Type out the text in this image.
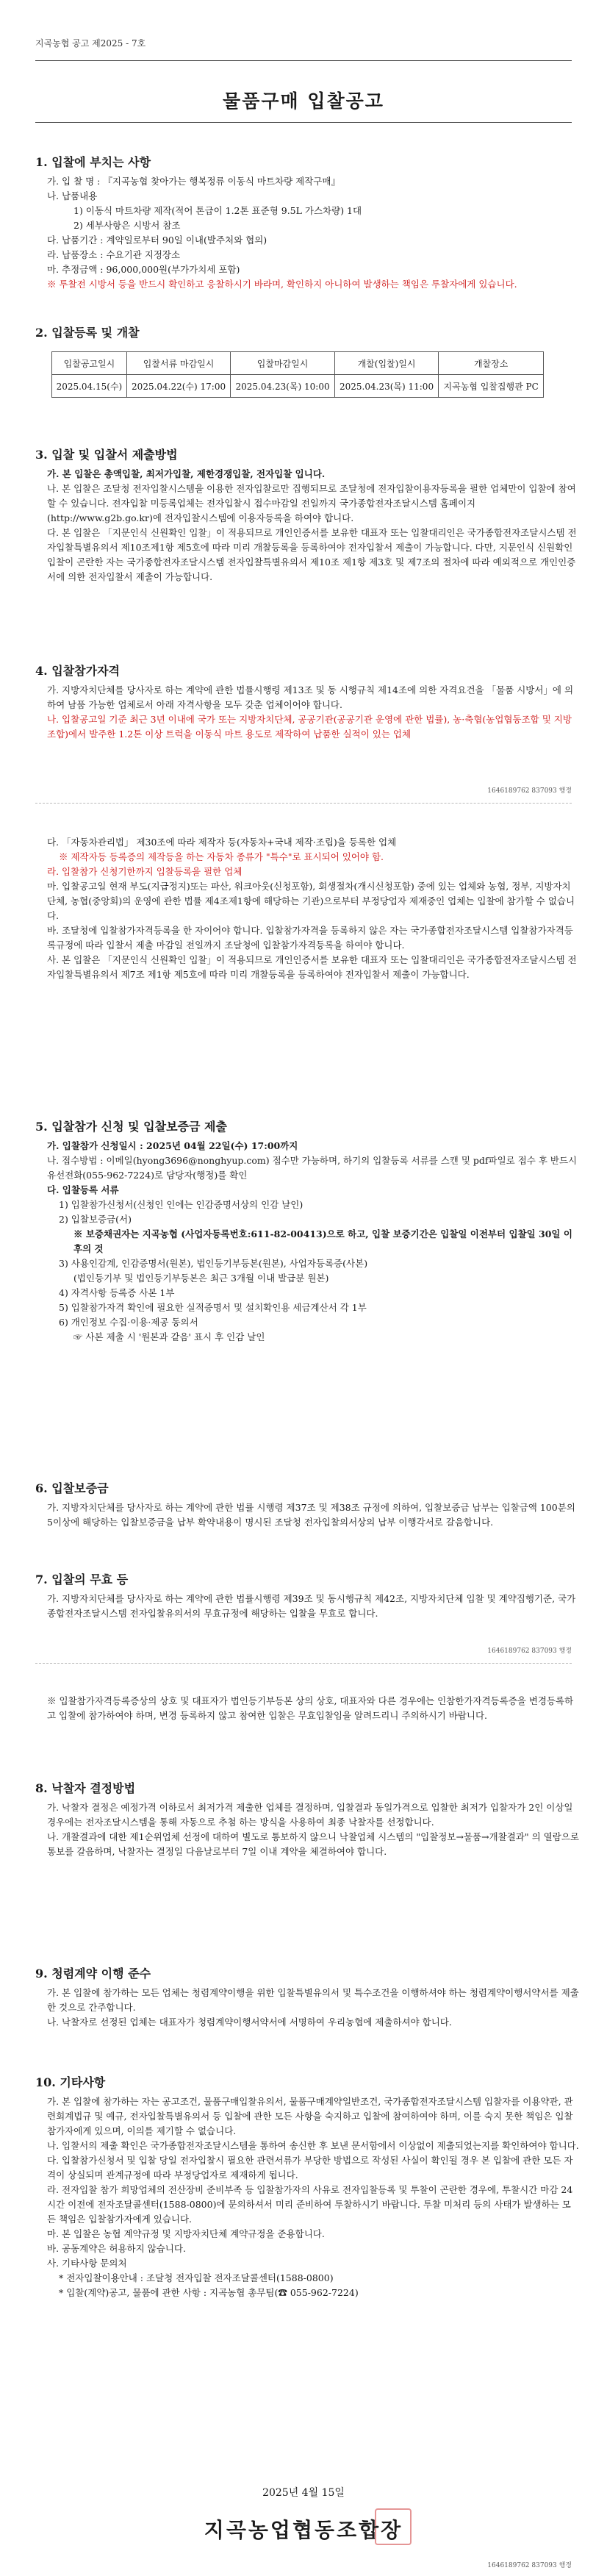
지곡농협 공고 제2025 - 7호
물품구매 입찰공고
1. 입찰에 부치는 사항

가. 입 찰 명 : 『지곡농협 찾아가는 행복정류 이동식 마트차량 제작구매』

나. 납품내용

1) 이동식 마트차량 제작(적어 톤급이 1.2톤 표준형 9.5L 가스차량) 1대

2) 세부사항은 시방서 참조

다. 납품기간 : 계약일로부터 90일 이내(발주처와 협의)

라. 납품장소 : 수요기관 지정장소

마. 추정금액 : 96,000,000원(부가가치세 포함)

※ 투찰전 시방서 등을 반드시 확인하고 응찰하시기 바라며, 확인하지 아니하여 발생하는 책임은 투찰자에게 있습니다.

2. 입찰등록 및 개찰
입찰공고일시	입찰서류 마감일시	입찰마감일시	개찰(입찰)일시	개찰장소
2025.04.15(수)	2025.04.22(수) 17:00	2025.04.23(목) 10:00	2025.04.23(목) 11:00	지곡농협 입찰집행관 PC
3. 입찰 및 입찰서 제출방법

가. 본 입찰은 총액입찰, 최저가입찰, 제한경쟁입찰, 전자입찰 입니다.

나. 본 입찰은 조달청 전자입찰시스템을 이용한 전자입찰로만 집행되므로 조달청에 전자입찰이용자등록을 필한 업체만이 입찰에 참여할 수 있습니다. 전자입찰 미등록업체는 전자입찰시 접수마감일 전일까지 국가종합전자조달시스템 홈페이지(http://www.g2b.go.kr)에 전자입찰시스템에 이용자등록을 하여야 합니다.

다. 본 입찰은 「지문인식 신원확인 입찰」이 적용되므로 개인인증서를 보유한 대표자 또는 입찰대리인은 국가종합전자조달시스템 전자입찰특별유의서 제10조제1항 제5호에 따라 미리 개찰등록을 등록하여야 전자입찰서 제출이 가능합니다. 다만, 지문인식 신원확인 입찰이 곤란한 자는 국가종합전자조달시스템 전자입찰특별유의서 제10조 제1항 제3호 및 제7조의 절차에 따라 예외적으로 개인인증서에 의한 전자입찰서 제출이 가능합니다.

4. 입찰참가자격

가. 지방자치단체를 당사자로 하는 계약에 관한 법률시행령 제13조 및 동 시행규칙 제14조에 의한 자격요건을 「물품 시방서」에 의하여 남품 가능한 업체로서 아래 자격사항을 모두 갖춘 업체이어야 합니다.

나. 입찰공고일 기준 최근 3년 이내에 국가 또는 지방자치단체, 공공기관(공공기관 운영에 관한 법률), 농·축협(농업협동조합 및 지방 조합)에서 발주한 1.2톤 이상 트럭을 이동식 마트 용도로 제작하여 납품한 실적이 있는 업체

1646189762 837093 행정

다. 「자동차관리법」 제30조에 따라 제작자 등(자동차+국내 제작·조립)을 등록한 업체

※ 제작자등 등록증의 제작등을 하는 자동차 종류가 "특수"로 표시되어 있어야 함.

라. 입찰참가 신청기한까지 입찰등록을 필한 업체

마. 입찰공고일 현재 부도(지급정지)또는 파산, 워크아웃(신청포함), 회생절차(개시신청포함) 중에 있는 업체와 농협, 정부, 지방자치단체, 농협(중앙회)의 운영에 관한 법률 제4조제1항에 해당하는 기관)으로부터 부정당업자 제재중인 업체는 입찰에 참가할 수 없습니다.

바. 조달청에 입찰참가자격등록을 한 자이어야 합니다. 입찰참가자격을 등록하지 않은 자는 국가종합전자조달시스템 입찰참가자격등록규정에 따라 입찰서 제출 마감일 전일까지 조달청에 입찰참가자격등록을 하여야 합니다.

사. 본 입찰은 「지문인식 신원확인 입찰」이 적용되므로 개인인증서를 보유한 대표자 또는 입찰대리인은 국가종합전자조달시스템 전자입찰특별유의서 제7조 제1항 제5호에 따라 미리 개찰등록을 등록하여야 전자입찰서 제출이 가능합니다.

5. 입찰참가 신청 및 입찰보증금 제출

가. 입찰참가 신청일시 : 2025년 04월 22일(수) 17:00까지

나. 접수방법 : 이메일(hyong3696@nonghyup.com) 접수만 가능하며, 하기의 입찰등록 서류를 스캔 및 pdf파일로 접수 후 반드시 유선전화(055-962-7224)로 담당자(행정)를 확인

다. 입찰등록 서류

1) 입찰참가신청서(신청인 인에는 인감증명서상의 인감 날인)

2) 입찰보증금(서)

※ 보증채권자는 지곡농협 (사업자등록번호:611-82-00413)으로 하고, 입찰 보증기간은 입찰일 이전부터 입찰일 30일 이후의 것

3) 사용인감계, 인감증명서(원본), 법인등기부등본(원본), 사업자등록증(사본)

(법인등기부 및 법인등기부등본은 최근 3개월 이내 발급분 원본)

4) 자격사항 등록증 사본 1부

5) 입찰참가자격 확인에 필요한 실적증명서 및 설치확인용 세금계산서 각 1부

6) 개인정보 수집·이용·제공 동의서

☞ 사본 제출 시 '원본과 같음' 표시 후 인감 날인

6. 입찰보증금

가. 지방자치단체를 당사자로 하는 계약에 관한 법률 시행령 제37조 및 제38조 규정에 의하여, 입찰보증금 납부는 입찰금액 100분의 5이상에 해당하는 입찰보증금을 납부 확약내용이 명시된 조달청 전자입찰의서상의 납부 이행각서로 갈음합니다.

7. 입찰의 무효 등

가. 지방자치단체를 당사자로 하는 계약에 관한 법률시행령 제39조 및 동시행규칙 제42조, 지방자치단체 입찰 및 계약집행기준, 국가종합전자조달시스템 전자입찰유의서의 무효규정에 해당하는 입찰을 무효로 합니다.

1646189762 837093 행정

※ 입찰참가자격등록증상의 상호 및 대표자가 법인등기부등본 상의 상호, 대표자와 다른 경우에는 인참한가자격등록증을 변경등록하고 입찰에 참가하여야 하며, 변경 등록하지 않고 참여한 입찰은 무효입찰임을 알려드리니 주의하시기 바랍니다.

8. 낙찰자 결정방법

가. 낙찰자 결정은 예정가격 이하로서 최저가격 제출한 업체를 결정하며, 입찰결과 동일가격으로 입찰한 최저가 입찰자가 2인 이상일 경우에는 전자조달시스템을 통해 자동으로 추첨 하는 방식을 사용하여 최종 낙찰자를 선정합니다.

나. 개찰결과에 대한 제1순위업체 선정에 대하여 별도로 통보하지 않으니 낙찰업체 시스템의 "입찰정보→물품→개찰결과" 의 열람으로 통보를 갈음하며, 낙찰자는 결정일 다음날로부터 7일 이내 계약을 체결하여야 합니다.

9. 청렴계약 이행 준수

가. 본 입찰에 참가하는 모든 업체는 청렴계약이행을 위한 입찰특별유의서 및 특수조건을 이행하셔야 하는 청렴계약이행서약서를 제출한 것으로 간주합니다.

나. 낙찰자로 선정된 업체는 대표자가 청렴계약이행서약서에 서명하여 우리농협에 제출하셔야 합니다.

10. 기타사항

가. 본 입찰에 참가하는 자는 공고조건, 물품구매입찰유의서, 물품구매계약일반조건, 국가종합전자조달시스템 입찰자를 이용약관, 관련회계법규 및 예규, 전자입찰특별유의서 등 입찰에 관한 모든 사항을 숙지하고 입찰에 참여하여야 하며, 이를 숙지 못한 책임은 입찰참가자에게 있으며, 이의를 제기할 수 없습니다.

나. 입찰서의 제출 확인은 국가종합전자조달시스템을 통하여 송신한 후 보낸 문서함에서 이상없이 제출되었는지를 확인하여야 합니다.

다. 입찰참가신청서 및 입찰 당일 전자입찰시 필요한 관련서류가 부당한 방법으로 작성된 사실이 확인될 경우 본 입찰에 관한 모든 자격이 상실되며 관계규정에 따라 부정당업자로 제재하게 됩니다.

라. 전자입찰 참가 희망업체의 전산장비 준비부족 등 입찰참가자의 사유로 전자입찰등록 및 투찰이 곤란한 경우에, 투찰시간 마감 24시간 이전에 전자조달콜센터(1588-0800)에 문의하셔서 미리 준비하여 투찰하시기 바랍니다. 투찰 미처리 등의 사태가 발생하는 모든 책임은 입찰참가자에게 있습니다.

마. 본 입찰은 농협 계약규정 및 지방자치단체 계약규정을 준용합니다.

바. 공동계약은 허용하지 않습니다.

사. 기타사항 문의처

* 전자입찰이용안내 : 조달청 전자입찰 전자조달콜센터(1588-0800)

* 입찰(계약)공고, 물품에 관한 사항 : 지곡농협 총무팀(☎ 055-962-7224)

2025년 4월 15일
지곡농업협동조합장
1646189762 837093 행정
